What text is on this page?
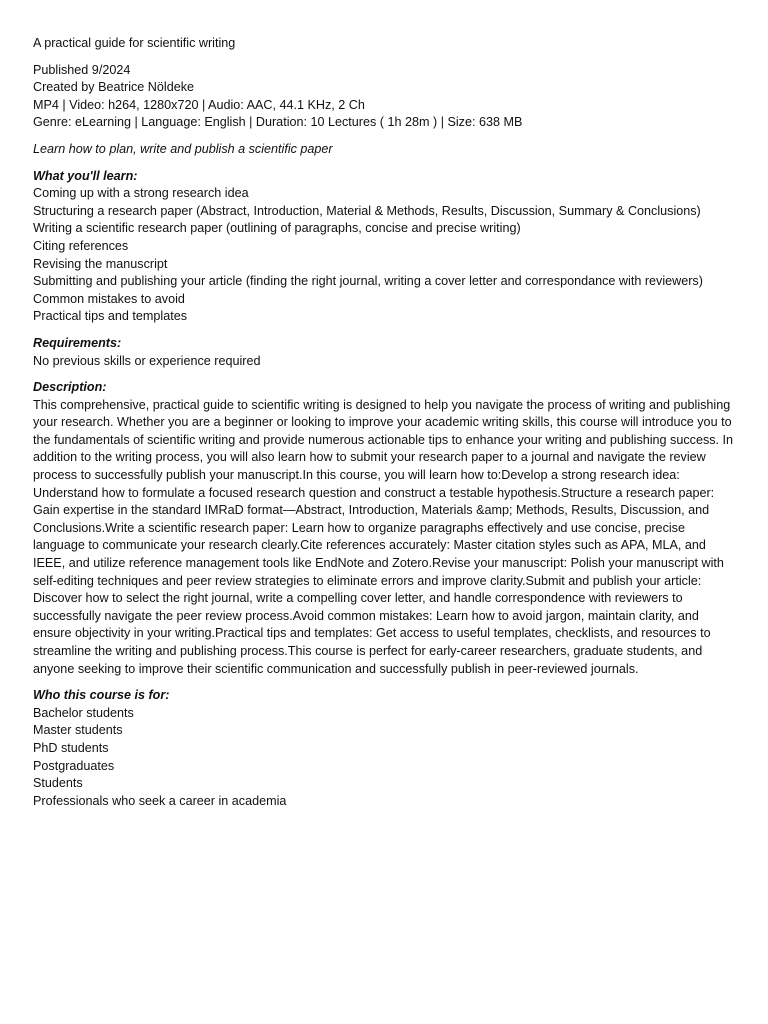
A practical guide for scientific writing
Published 9/2024
Created by Beatrice Nöldeke
MP4 | Video: h264, 1280x720 | Audio: AAC, 44.1 KHz, 2 Ch
Genre: eLearning | Language: English | Duration: 10 Lectures ( 1h 28m ) | Size: 638 MB
Learn how to plan, write and publish a scientific paper
What you'll learn:
Coming up with a strong research idea
Structuring a research paper (Abstract, Introduction, Material & Methods, Results, Discussion, Summary & Conclusions)
Writing a scientific research paper (outlining of paragraphs, concise and precise writing)
Citing references
Revising the manuscript
Submitting and publishing your article (finding the right journal, writing a cover letter and correspondance with reviewers)
Common mistakes to avoid
Practical tips and templates
Requirements:
No previous skills or experience required
Description:
This comprehensive, practical guide to scientific writing is designed to help you navigate the process of writing and publishing your research. Whether you are a beginner or looking to improve your academic writing skills, this course will introduce you to the fundamentals of scientific writing and provide numerous actionable tips to enhance your writing and publishing success. In addition to the writing process, you will also learn how to submit your research paper to a journal and navigate the review process to successfully publish your manuscript.In this course, you will learn how to:Develop a strong research idea: Understand how to formulate a focused research question and construct a testable hypothesis.Structure a research paper: Gain expertise in the standard IMRaD format—Abstract, Introduction, Materials &amp; Methods, Results, Discussion, and Conclusions.Write a scientific research paper: Learn how to organize paragraphs effectively and use concise, precise language to communicate your research clearly.Cite references accurately: Master citation styles such as APA, MLA, and IEEE, and utilize reference management tools like EndNote and Zotero.Revise your manuscript: Polish your manuscript with self-editing techniques and peer review strategies to eliminate errors and improve clarity.Submit and publish your article: Discover how to select the right journal, write a compelling cover letter, and handle correspondence with reviewers to successfully navigate the peer review process.Avoid common mistakes: Learn how to avoid jargon, maintain clarity, and ensure objectivity in your writing.Practical tips and templates: Get access to useful templates, checklists, and resources to streamline the writing and publishing process.This course is perfect for early-career researchers, graduate students, and anyone seeking to improve their scientific communication and successfully publish in peer-reviewed journals.
Who this course is for:
Bachelor students
Master students
PhD students
Postgraduates
Students
Professionals who seek a career in academia
